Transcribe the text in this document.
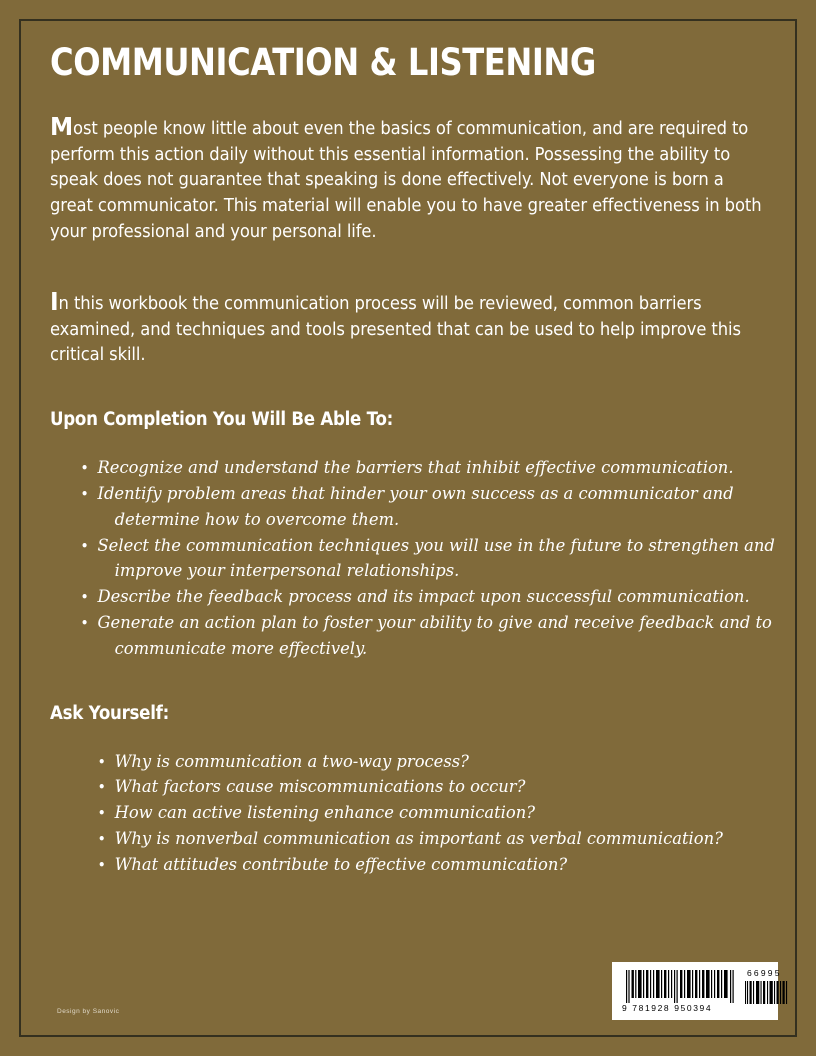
COMMUNICATION & LISTENING

Most people know little about even the basics of communication, and are required to perform this action daily without this essential information. Possessing the ability to speak does not guarantee that speaking is done effectively. Not everyone is born a great communicator. This material will enable you to have greater effectiveness in both your professional and your personal life.

In this workbook the communication process will be reviewed, common barriers examined, and techniques and tools presented that can be used to help improve this critical skill.

Upon Completion You Will Be Able To:
• Recognize and understand the barriers that inhibit effective communication.
• Identify problem areas that hinder your own success as a communicator and determine how to overcome them.
• Select the communication techniques you will use in the future to strengthen and improve your interpersonal relationships.
• Describe the feedback process and its impact upon successful communication.
• Generate an action plan to foster your ability to give and receive feedback and to communicate more effectively.
Ask Yourself:
• Why is communication a two-way process?
• What factors cause miscommunications to occur?
• How can active listening enhance communication?
• Why is nonverbal communication as important as verbal communication?
• What attitudes contribute to effective communication?
9 781928 950394
66995
Design by Sanovic
